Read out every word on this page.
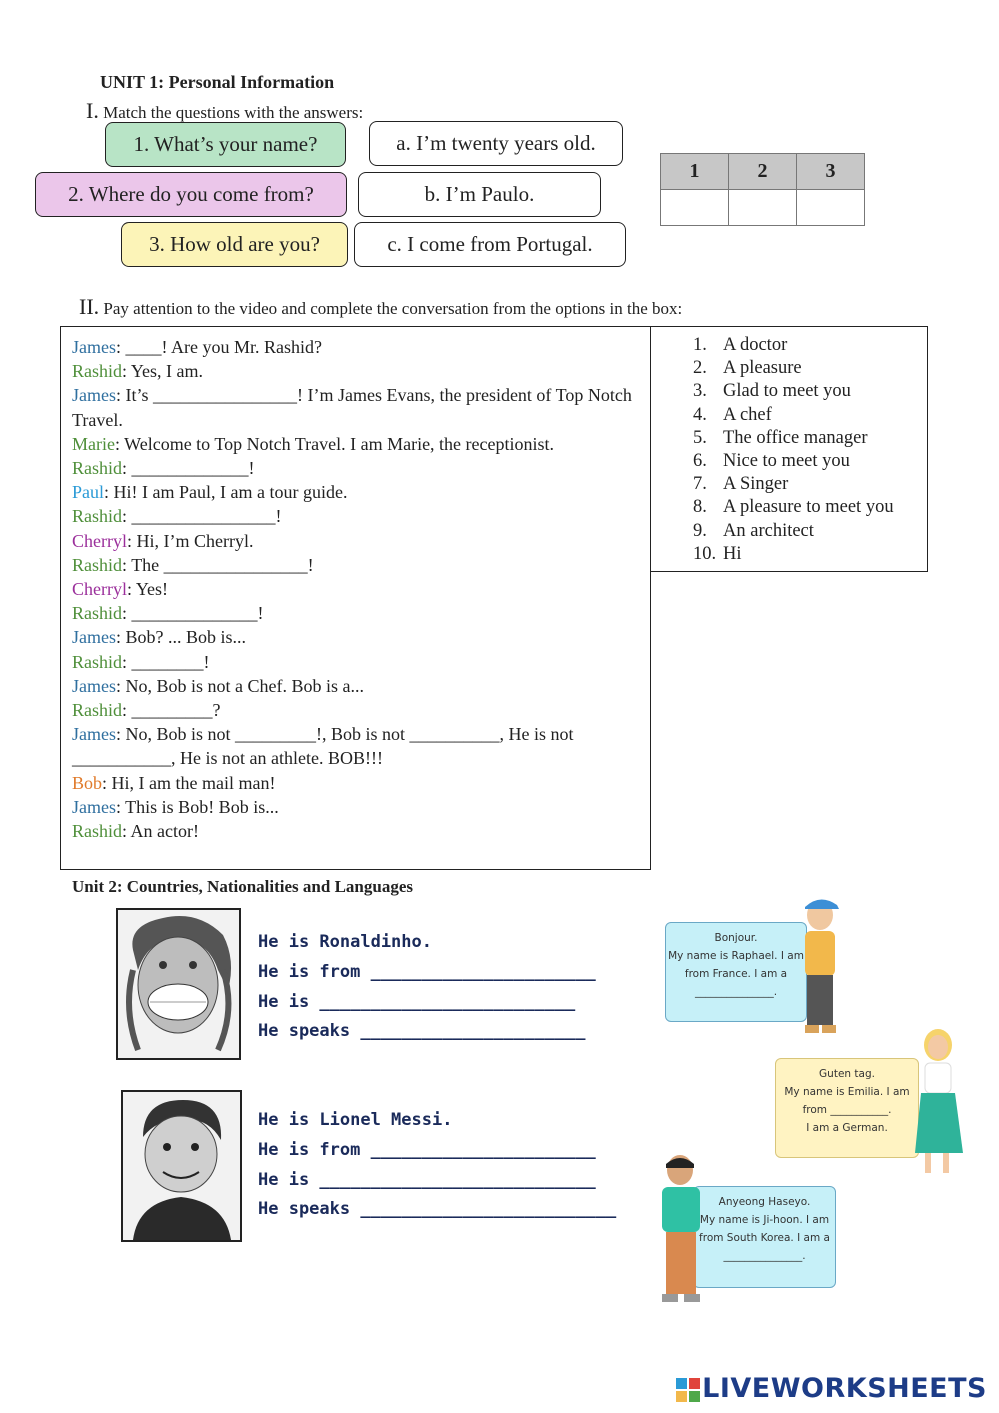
UNIT 1: Personal Information
I. Match the questions with the answers:
1. What’s your name?
2. Where do you come from?
3. How old are you?
a. I’m twenty years old.
b. I’m Paulo.
c. I come from Portugal.
1	2	3

II. Pay attention to the video and complete the conversation from the options in the box:
James: ____! Are you Mr. Rashid?
Rashid: Yes, I am.
James: It’s ________________! I’m James Evans, the president of Top Notch Travel.
Marie: Welcome to Top Notch Travel. I am Marie, the receptionist.
Rashid: _____________!
Paul: Hi! I am Paul, I am a tour guide.
Rashid: ________________!
Cherryl: Hi, I’m Cherryl.
Rashid: The ________________!
Cherryl: Yes!
Rashid: ______________!
James: Bob? ... Bob is...
Rashid: ________!
James: No, Bob is not a Chef. Bob is a...
Rashid: _________?
James: No, Bob is not _________!, Bob is not __________, He is not ___________, He is not an athlete. BOB!!!
Bob: Hi, I am the mail man!
James: This is Bob! Bob is...
Rashid: An actor!
1. A doctor
2. A pleasure
3. Glad to meet you
4. A chef
5. The office manager
6. Nice to meet you
7. A Singer
8. A pleasure to meet you
9. An architect
10. Hi
Unit 2: Countries, Nationalities and Languages
He is Ronaldinho.
He is from ______________________
He is _________________________
He speaks ______________________
He is Lionel Messi.
He is from ______________________
He is ___________________________
He speaks _________________________
Bonjour.
My name is Raphael. I am
from France. I am a
_______________.
Guten tag.
My name is Emilia. I am
from ___________.
I am a German.
Anyeong Haseyo.
My name is Ji-hoon. I am
from South Korea. I am a
_______________.
LIVEWORKSHEETS
